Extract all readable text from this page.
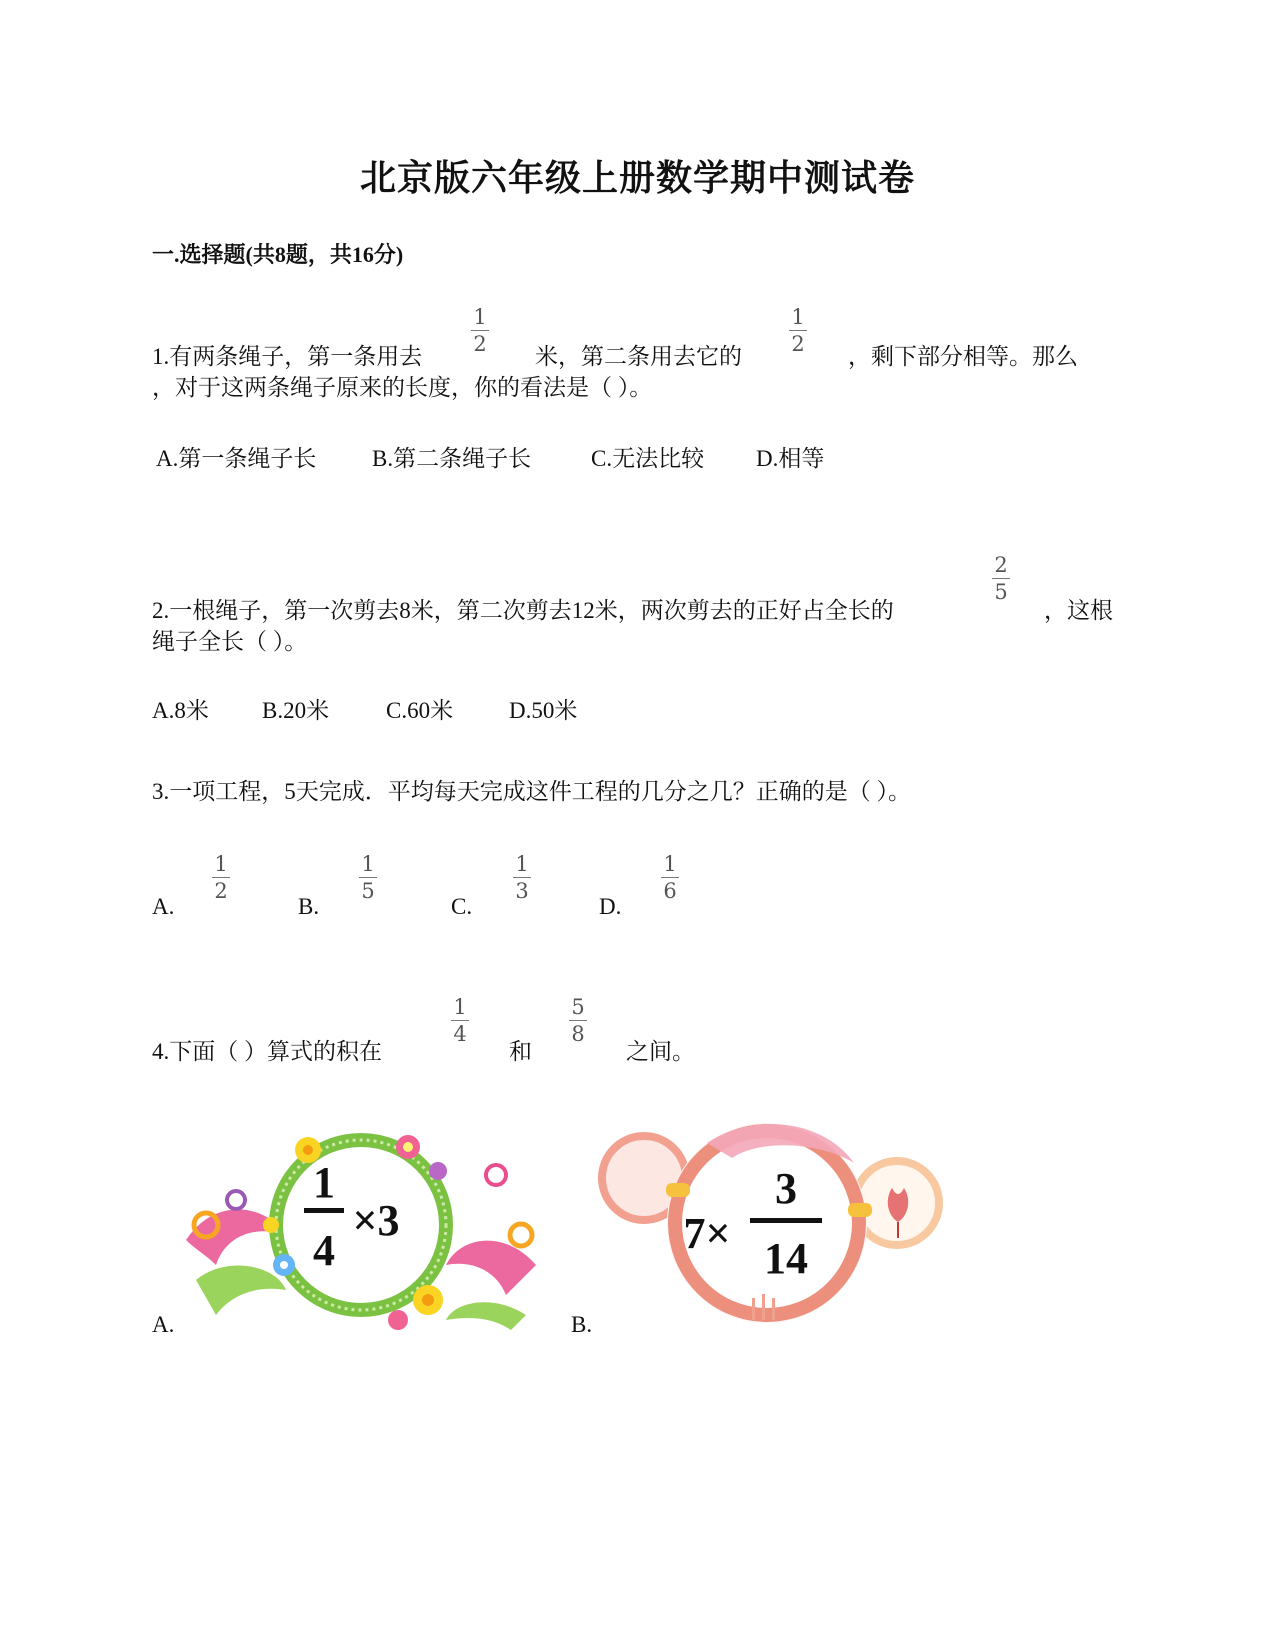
北京版六年级上册数学期中测试卷
一.选择题(共8题，共16分)
1.有两条绳子，第一条用去
1
2	米，第二条用去它的
1
2	，剩下部分相等。那么
，对于这两条绳子原来的长度，你的看法是（ ）。
A.第一条绳子长 B.第二条绳子长	C.无法比较 D.相等
2.一根绳子，第一次剪去8米，第二次剪去12米，两次剪去的正好占全长的
2
5
，这根
绳子全长（ ）。
A.8米 B.20米 C.60米 D.50米
3.一项工程，5天完成．平均每天完成这件工程的几分之几？正确的是（ ）。
A.
1
2
B.
1
5
C.
1
3
D.
1
6
4.下面（ ）算式的积在
1
4
和
5
8
之间。
A.
1
4
×3
B.
7×
3
14
